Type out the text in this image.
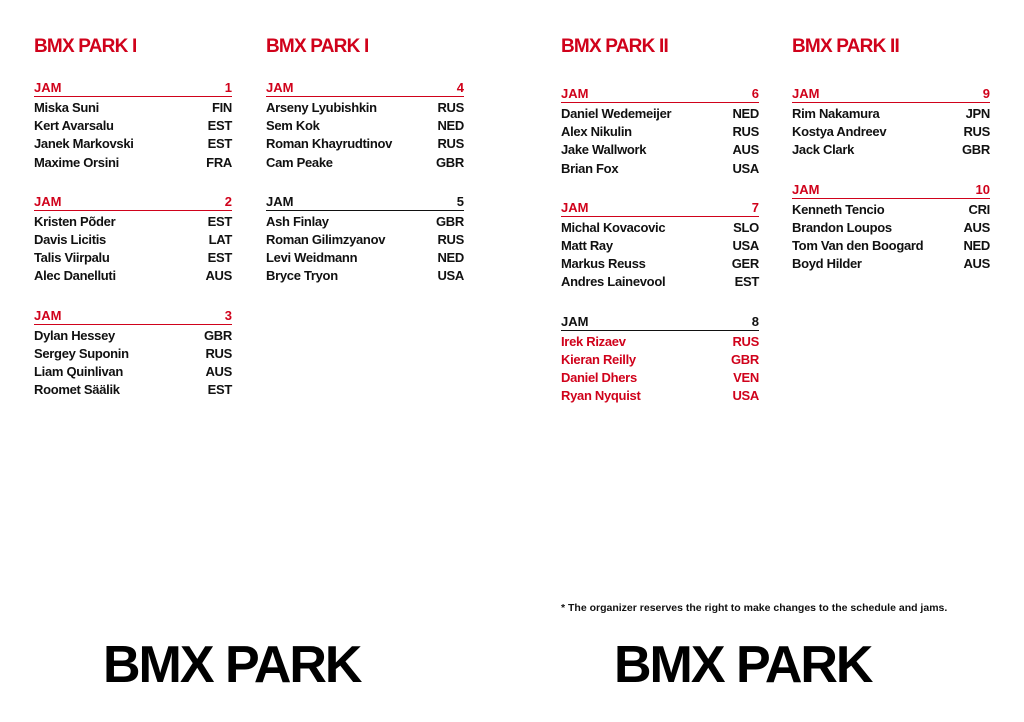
BMX PARK I
JAM	1
Miska Suni	FIN
Kert Avarsalu	EST
Janek Markovski	EST
Maxime Orsini	FRA
JAM	2
Kristen Põder	EST
Davis Licitis	LAT
Talis Viirpalu	EST
Alec Danelluti	AUS
JAM	3
Dylan Hessey	GBR
Sergey Suponin	RUS
Liam Quinlivan	AUS
Roomet Säälik	EST
BMX PARK I
JAM	4
Arseny Lyubishkin	RUS
Sem Kok	NED
Roman Khayrudtinov	RUS
Cam Peake	GBR
JAM	5
Ash Finlay	GBR
Roman Gilimzyanov	RUS
Levi Weidmann	NED
Bryce Tryon	USA
BMX PARK II
JAM	6
Daniel Wedemeijer	NED
Alex Nikulin	RUS
Jake Wallwork	AUS
Brian Fox	USA
JAM	7
Michal Kovacovic	SLO
Matt Ray	USA
Markus Reuss	GER
Andres Lainevool	EST
JAM	8
Irek Rizaev	RUS
Kieran Reilly	GBR
Daniel Dhers	VEN
Ryan Nyquist	USA
BMX PARK II
JAM	9
Rim Nakamura	JPN
Kostya Andreev	RUS
Jack Clark	GBR
JAM	10
Kenneth Tencio	CRI
Brandon Loupos	AUS
Tom Van den Boogard	NED
Boyd Hilder	AUS
* The organizer reserves the right to make changes to the schedule and jams.
BMX PARK	BMX PARK
